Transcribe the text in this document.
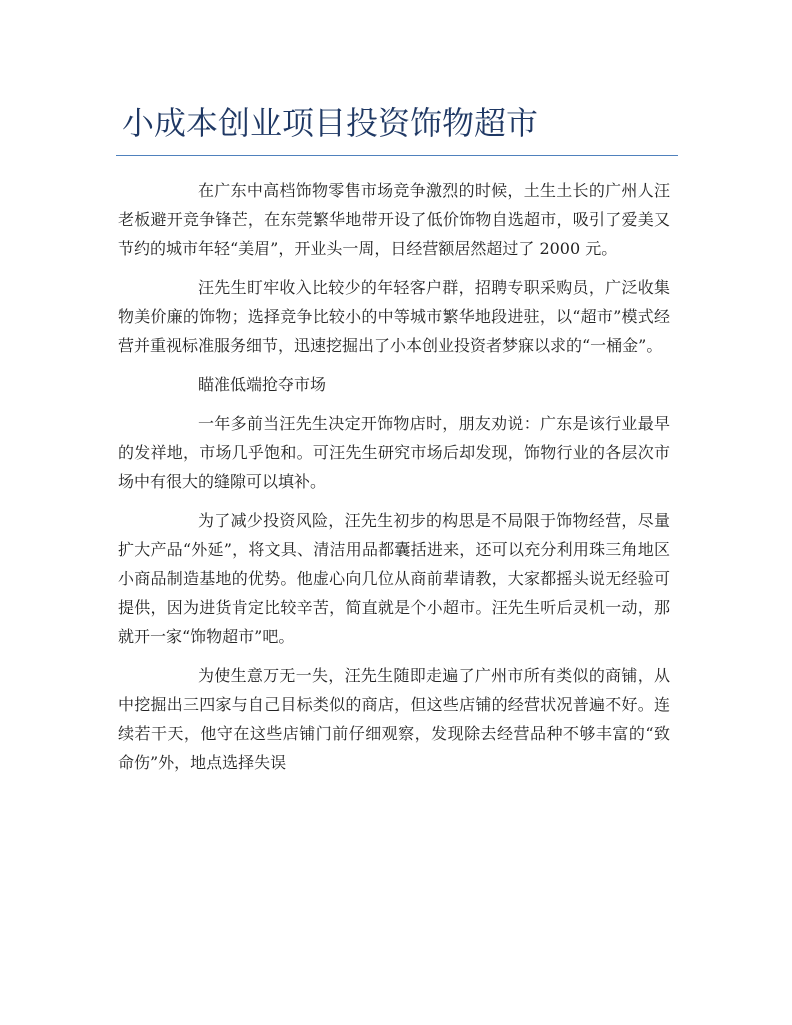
小成本创业项目投资饰物超市

在广东中高档饰物零售市场竞争激烈的时候，土生土长的广州人汪老板避开竞争锋芒，在东莞繁华地带开设了低价饰物自选超市，吸引了爱美又节约的城市年轻“美眉”，开业头一周，日经营额居然超过了 2000 元。

汪先生盯牢收入比较少的年轻客户群，招聘专职采购员，广泛收集物美价廉的饰物；选择竞争比较小的中等城市繁华地段进驻，以“超市”模式经营并重视标准服务细节，迅速挖掘出了小本创业投资者梦寐以求的“一桶金”。

瞄准低端抢夺市场

一年多前当汪先生决定开饰物店时，朋友劝说：广东是该行业最早的发祥地，市场几乎饱和。可汪先生研究市场后却发现，饰物行业的各层次市场中有很大的缝隙可以填补。

为了减少投资风险，汪先生初步的构思是不局限于饰物经营，尽量扩大产品“外延”，将文具、清洁用品都囊括进来，还可以充分利用珠三角地区小商品制造基地的优势。他虚心向几位从商前辈请教，大家都摇头说无经验可提供，因为进货肯定比较辛苦，简直就是个小超市。汪先生听后灵机一动，那就开一家“饰物超市”吧。

为使生意万无一失，汪先生随即走遍了广州市所有类似的商铺，从中挖掘出三四家与自己目标类似的商店，但这些店铺的经营状况普遍不好。连续若干天，他守在这些店铺门前仔细观察，发现除去经营品种不够丰富的“致命伤”外，地点选择失误
